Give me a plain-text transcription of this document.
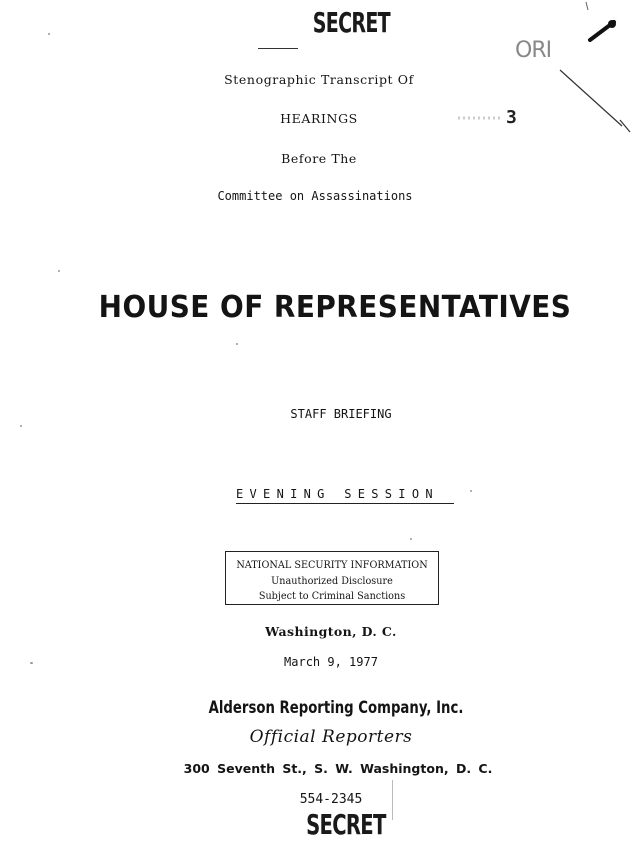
SECRET
ORI
3
Stenographic Transcript Of
HEARINGS
Before The
Committee on Assassinations
HOUSE OF REPRESENTATIVES
STAFF BRIEFING
EVENING SESSION
NATIONAL SECURITY INFORMATION
Unauthorized Disclosure
Subject to Criminal Sanctions
Washington, D. C.
March 9, 1977
Alderson Reporting Company, Inc.
Official Reporters
300 Seventh St., S. W. Washington, D. C.
554-2345
SECRET
